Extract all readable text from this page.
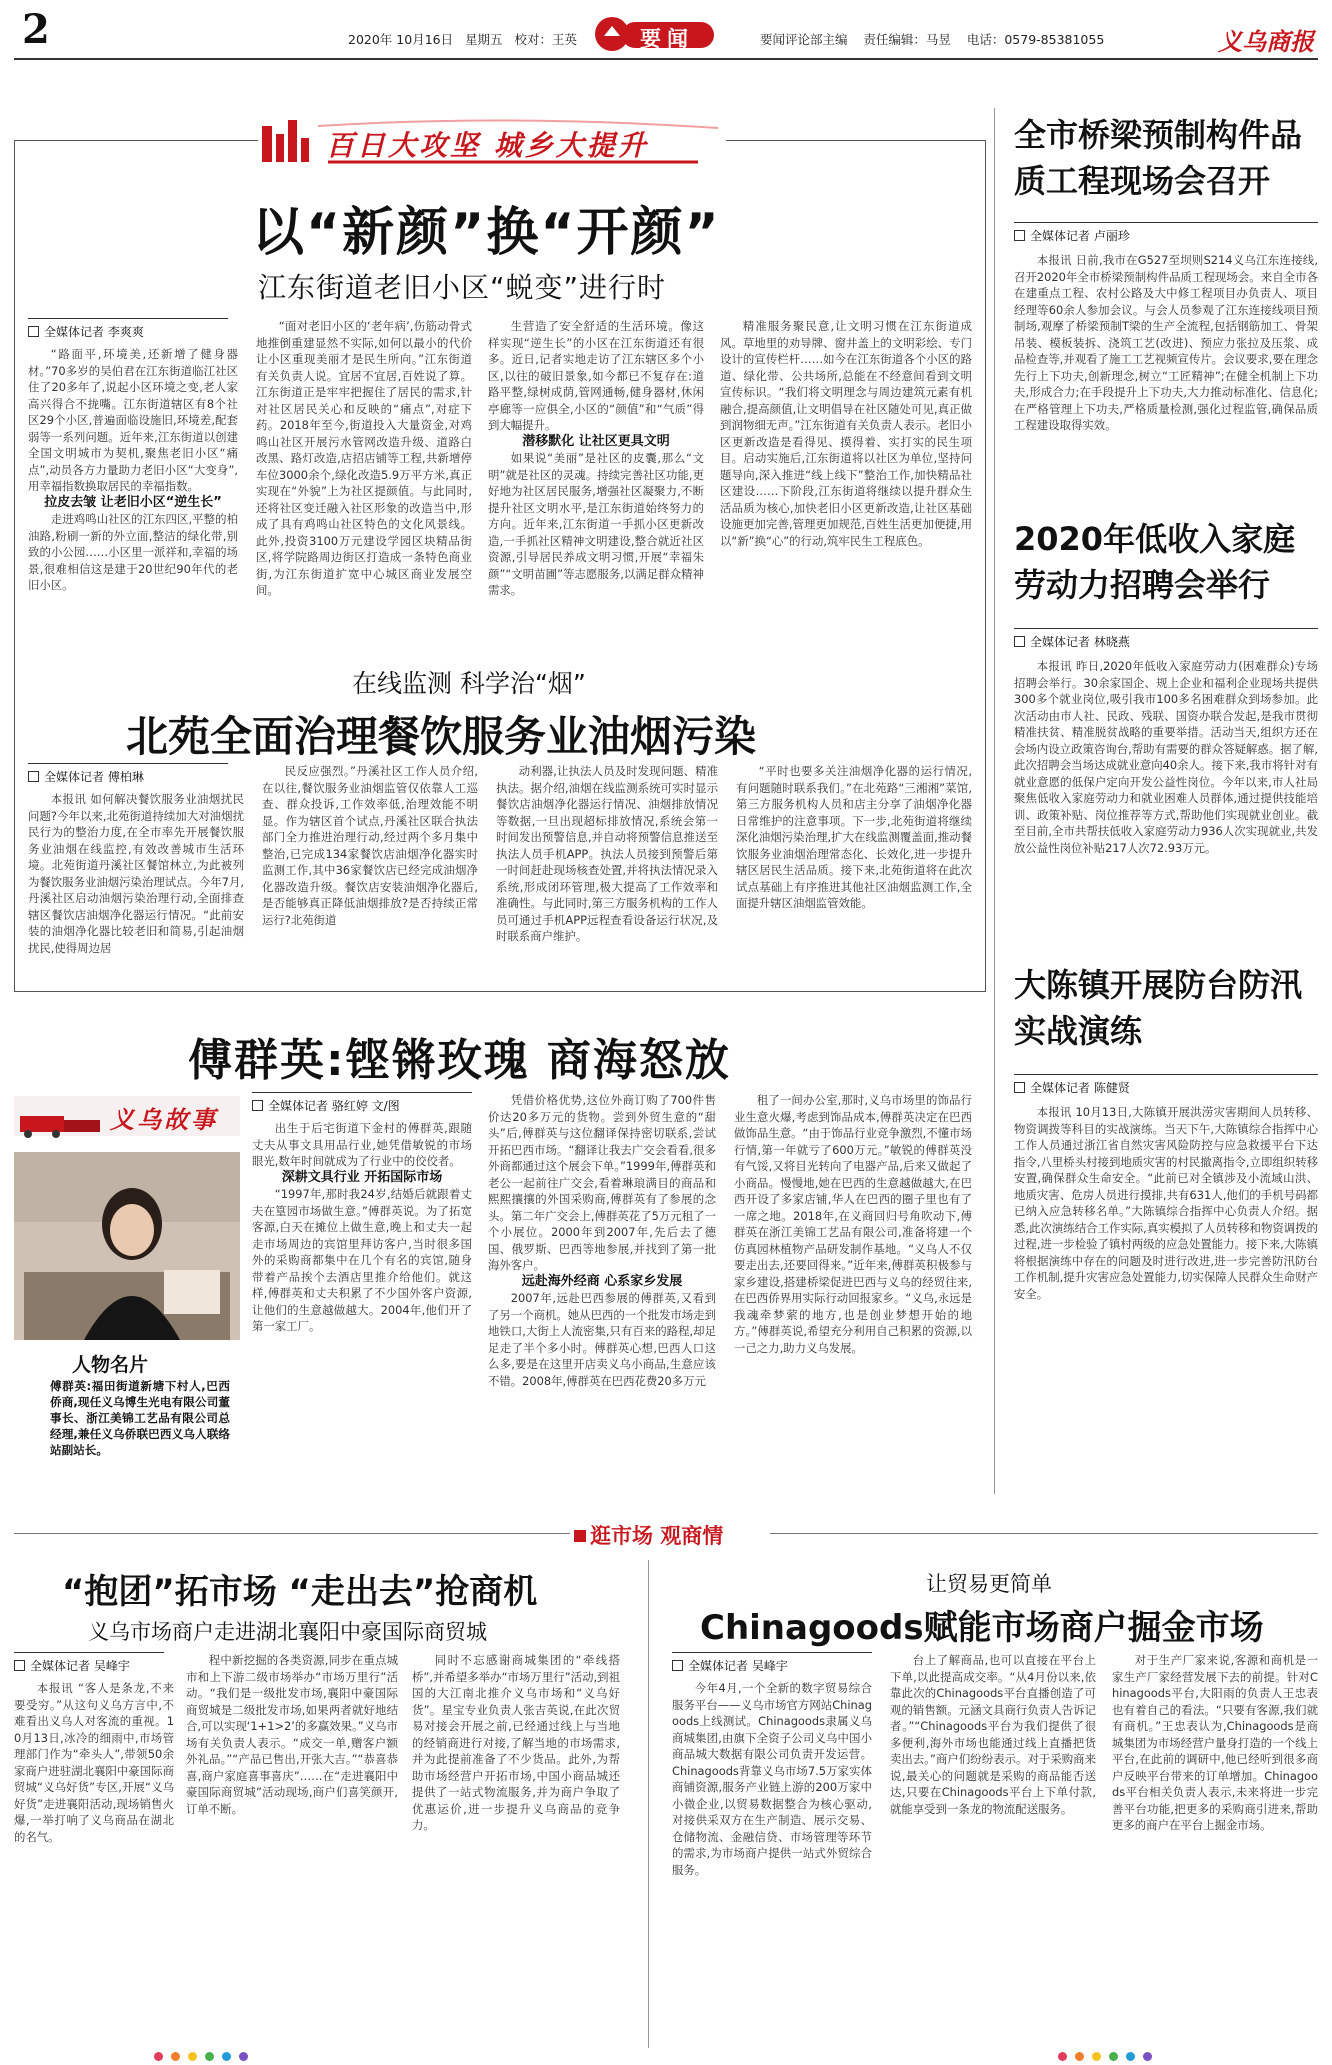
2	2020年 10月16日 星期五 校对：王英	要闻	要闻评论部主编 责任编辑：马昱 电话：0579-85381055	义乌商报
百日大攻坚 城乡大提升
以“新颜”换“开颜”
江东街道老旧小区“蜕变”进行时
全媒体记者 李爽爽

“路面平,环境美,还新增了健身器材。”70多岁的吴伯君在江东街道临江社区住了20多年了,说起小区环境之变,老人家高兴得合不拢嘴。江东街道辖区有8个社区29个小区,普遍面临设施旧,环境差,配套弱等一系列问题。近年来,江东街道以创建全国文明城市为契机,聚焦老旧小区“痛点”,动员各方力量助力老旧小区“大变身”,用幸福指数换取居民的幸福指数。

拉皮去皱 让老旧小区“逆生长”

走进鸡鸣山社区的江东四区,平整的柏油路,粉刷一新的外立面,整洁的绿化带,别致的小公园……小区里一派祥和,幸福的场景,很难相信这是建于20世纪90年代的老旧小区。

“面对老旧小区的‘老年病’,伤筋动骨式地推倒重建显然不实际,如何以最小的代价让小区重现美丽才是民生所向。”江东街道有关负责人说。宜居不宜居,百姓说了算。江东街道正是牢牢把握住了居民的需求,针对社区居民关心和反映的“痛点”,对症下药。2018年至今,街道投入大量资金,对鸡鸣山社区开展污水管网改造升级、道路白改黑、路灯改造,店招店铺等工程,共新增停车位3000余个,绿化改造5.9万平方米,真正实现在“外貌”上为社区提颜值。与此同时,还将社区变迁融入社区形象的改造当中,形成了具有鸡鸣山社区特色的文化风景线。此外,投资3100万元建设学园区块精品街区,将学院路周边街区打造成一条特色商业街,为江东街道扩宽中心城区商业发展空间。

生营造了安全舒适的生活环境。像这样实现“逆生长”的小区在江东街道还有很多。近日,记者实地走访了江东辖区多个小区,以往的破旧景象,如今都已不复存在:道路平整,绿树成荫,管网通畅,健身器材,休闲亭廊等一应俱全,小区的“颜值”和“气质”得到大幅提升。

潜移默化 让社区更具文明

如果说“美丽”是社区的皮囊,那么“文明”就是社区的灵魂。持续完善社区功能,更好地为社区居民服务,增强社区凝聚力,不断提升社区文明水平,是江东街道始终努力的方向。近年来,江东街道一手抓小区更新改造,一手抓社区精神文明建设,整合就近社区资源,引导居民养成文明习惯,开展“幸福朱颜”“文明苗圃”等志愿服务,以满足群众精神需求。

精准服务聚民意,让文明习惯在江东街道成风。草地里的劝导牌、窗井盖上的文明彩绘、专门设计的宣传栏杆……如今在江东街道各个小区的路道、绿化带、公共场所,总能在不经意间看到文明宣传标识。“我们将文明理念与周边建筑元素有机融合,提高颜值,让文明倡导在社区随处可见,真正做到润物细无声。”江东街道有关负责人表示。老旧小区更新改造是看得见、摸得着、实打实的民生项目。启动实施后,江东街道将以社区为单位,坚持问题导向,深入推进“线上线下”整治工作,加快精品社区建设……下阶段,江东街道将继续以提升群众生活品质为核心,加快老旧小区更新改造,让社区基础设施更加完善,管理更加规范,百姓生活更加便捷,用以“新”换“心”的行动,筑牢民生工程底色。

在线监测 科学治“烟”
北苑全面治理餐饮服务业油烟污染
全媒体记者 傅柏琳

本报讯 如何解决餐饮服务业油烟扰民问题?今年以来,北苑街道持续加大对油烟扰民行为的整治力度,在全市率先开展餐饮服务业油烟在线监控,有效改善城市生活环境。北苑街道丹溪社区餐馆林立,为此被列为餐饮服务业油烟污染治理试点。今年7月,丹溪社区启动油烟污染治理行动,全面排查辖区餐饮店油烟净化器运行情况。“此前安装的油烟净化器比较老旧和简易,引起油烟扰民,使得周边居

民反应强烈。”丹溪社区工作人员介绍,在以往,餐饮服务业油烟监管仅依靠人工巡查、群众投诉,工作效率低,治理效能不明显。作为辖区首个试点,丹溪社区联合执法部门全力推进治理行动,经过两个多月集中整治,已完成134家餐饮店油烟净化器实时监测工作,其中36家餐饮店已经完成油烟净化器改造升级。餐饮店安装油烟净化器后,是否能够真正降低油烟排放?是否持续正常运行?北苑街道

动利器,让执法人员及时发现问题、精准执法。据介绍,油烟在线监测系统可实时显示餐饮店油烟净化器运行情况、油烟排放情况等数据,一旦出现超标排放情况,系统会第一时间发出预警信息,并自动将预警信息推送至执法人员手机APP。执法人员接到预警后第一时间赶赴现场核查处置,并将执法情况录入系统,形成闭环管理,极大提高了工作效率和准确性。与此同时,第三方服务机构的工作人员可通过手机APP远程查看设备运行状况,及时联系商户维护。

“平时也要多关注油烟净化器的运行情况,有问题随时联系我们。”在北苑路“三湘湘”菜馆,第三方服务机构人员和店主分享了油烟净化器日常维护的注意事项。下一步,北苑街道将继续深化油烟污染治理,扩大在线监测覆盖面,推动餐饮服务业油烟治理常态化、长效化,进一步提升辖区居民生活品质。接下来,北苑街道将在此次试点基础上有序推进其他社区油烟监测工作,全面提升辖区油烟监管效能。

傅群英:铿锵玫瑰 商海怒放
义乌故事
人物名片
傅群英:福田街道新塘下村人,巴西侨商,现任义乌博生光电有限公司董事长、浙江美锦工艺品有限公司总经理,兼任义乌侨联巴西义乌人联络站副站长。
全媒体记者 骆红婷 文/图

出生于后宅街道下金村的傅群英,跟随丈夫从事文具用品行业,她凭借敏锐的市场眼光,数年时间就成为了行业中的佼佼者。

深耕文具行业 开拓国际市场

“1997年,那时我24岁,结婚后就跟着丈夫在篁园市场做生意。”傅群英说。为了拓宽客源,白天在摊位上做生意,晚上和丈夫一起走市场周边的宾馆里拜访客户,当时很多国外的采购商都集中在几个有名的宾馆,随身带着产品挨个去酒店里推介给他们。就这样,傅群英和丈夫积累了不少国外客户资源,让他们的生意越做越大。2004年,他们开了第一家工厂。

凭借价格优势,这位外商订购了700件售价达20多万元的货物。尝到外贸生意的“甜头”后,傅群英与这位翻译保持密切联系,尝试开拓巴西市场。“翻译让我去广交会看看,很多外商都通过这个展会下单。”1999年,傅群英和老公一起前往广交会,看着琳琅满目的商品和熙熙攘攘的外国采购商,傅群英有了参展的念头。第二年广交会上,傅群英花了5万元租了一个小展位。2000年到2007年,先后去了德国、俄罗斯、巴西等地参展,并找到了第一批海外客户。

远赴海外经商 心系家乡发展

2007年,远赴巴西参展的傅群英,又看到了另一个商机。她从巴西的一个批发市场走到地铁口,大街上人流密集,只有百来的路程,却足足走了半个多小时。傅群英心想,巴西人口这么多,要是在这里开店卖义乌小商品,生意应该不错。2008年,傅群英在巴西花费20多万元

租了一间办公室,那时,义乌市场里的饰品行业生意火爆,考虑到饰品成本,傅群英决定在巴西做饰品生意。“由于饰品行业竞争激烈,不懂市场行情,第一年就亏了600万元。”敏锐的傅群英没有气馁,又将目光转向了电器产品,后来又做起了小商品。慢慢地,她在巴西的生意越做越大,在巴西开设了多家店铺,华人在巴西的圈子里也有了一席之地。2018年,在义商回归号角吹动下,傅群英在浙江美锦工艺品有限公司,准备将建一个仿真园林植物产品研发制作基地。“义乌人不仅要走出去,还要回得来。”近年来,傅群英积极参与家乡建设,搭建桥梁促进巴西与义乌的经贸往来,在巴西侨界用实际行动回报家乡。“义乌,永远是我魂牵梦萦的地方,也是创业梦想开始的地方。”傅群英说,希望充分利用自己积累的资源,以一己之力,助力义乌发展。

全市桥梁预制构件品质工程现场会召开
全媒体记者 卢丽珍

本报讯 日前,我市在G527至坝则S214义乌江东连接线,召开2020年全市桥梁预制构件品质工程现场会。来自全市各在建重点工程、农村公路及大中修工程项目办负责人、项目经理等60余人参加会议。与会人员参观了江东连接线项目预制场,观摩了桥梁预制T梁的生产全流程,包括钢筋加工、骨架吊装、模板装拆、浇筑工艺(改进)、预应力张拉及压浆、成品检查等,并观看了施工工艺视频宣传片。会议要求,要在理念先行上下功夫,创新理念,树立“工匠精神”;在健全机制上下功夫,形成合力;在手段提升上下功夫,大力推动标准化、信息化;在严格管理上下功夫,严格质量检测,强化过程监管,确保品质工程建设取得实效。

2020年低收入家庭劳动力招聘会举行
全媒体记者 林晓燕

本报讯 昨日,2020年低收入家庭劳动力(困难群众)专场招聘会举行。30余家国企、规上企业和福利企业现场共提供300多个就业岗位,吸引我市100多名困难群众到场参加。此次活动由市人社、民政、残联、国资办联合发起,是我市贯彻精准扶贫、精准脱贫战略的重要举措。活动当天,组织方还在会场内设立政策咨询台,帮助有需要的群众答疑解惑。据了解,此次招聘会当场达成就业意向40余人。接下来,我市将针对有就业意愿的低保户定向开发公益性岗位。今年以来,市人社局聚焦低收入家庭劳动力和就业困难人员群体,通过提供技能培训、政策补贴、岗位推荐等方式,帮助他们实现就业创业。截至目前,全市共帮扶低收入家庭劳动力936人次实现就业,共发放公益性岗位补贴217人次72.93万元。

大陈镇开展防台防汛实战演练
全媒体记者 陈健贤

本报讯 10月13日,大陈镇开展洪涝灾害期间人员转移、物资调拨等科目的实战演练。当天下午,大陈镇综合指挥中心工作人员通过浙江省自然灾害风险防控与应急救援平台下达指令,八里桥头村接到地质灾害的村民撤离指令,立即组织转移安置,确保群众生命安全。“此前已对全镇涉及小流域山洪、地质灾害、危房人员进行摸排,共有631人,他们的手机号码都已纳入应急转移名单。”大陈镇综合指挥中心负责人介绍。据悉,此次演练结合工作实际,真实模拟了人员转移和物资调拨的过程,进一步检验了镇村两级的应急处置能力。接下来,大陈镇将根据演练中存在的问题及时进行改进,进一步完善防汛防台工作机制,提升灾害应急处置能力,切实保障人民群众生命财产安全。

逛市场 观商情
“抱团”拓市场 “走出去”抢商机
义乌市场商户走进湖北襄阳中豪国际商贸城
全媒体记者 吴峰宇

本报讯 “客人是条龙,不来要受穷。”从这句义乌方言中,不难看出义乌人对客流的重视。10月13日,冰冷的细雨中,市场管理部门作为“牵头人”,带领50余家商户进驻湖北襄阳中豪国际商贸城“义乌好货”专区,开展“义乌好货”走进襄阳活动,现场销售火爆,一举打响了义乌商品在湖北的名气。

程中新挖掘的各类资源,同步在重点城市和上下游二级市场举办“市场万里行”活动。“我们是一级批发市场,襄阳中豪国际商贸城是二级批发市场,如果两者就好地结合,可以实现‘1+1>2’的多赢效果。”义乌市场有关负责人表示。“成交一单,赠客户额外礼品。”“产品已售出,开张大吉。”“恭喜恭喜,商户家庭喜事喜庆”……在“走进襄阳中豪国际商贸城”活动现场,商户们喜笑颜开,订单不断。

同时不忘感谢商城集团的“牵线搭桥”,并希望多举办“市场万里行”活动,到祖国的大江南北推介义乌市场和“义乌好货”。星宝专业负责人张吉英说,在此次贸易对接会开展之前,已经通过线上与当地的经销商进行对接,了解当地的市场需求,并为此提前准备了不少货品。此外,为帮助市场经营户开拓市场,中国小商品城还提供了一站式物流服务,并为商户争取了优惠运价,进一步提升义乌商品的竞争力。

让贸易更简单
Chinagoods赋能市场商户掘金市场
全媒体记者 吴峰宇

今年4月,一个全新的数字贸易综合服务平台——义乌市场官方网站Chinagoods上线测试。Chinagoods隶属义乌商城集团,由旗下全资子公司义乌中国小商品城大数据有限公司负责开发运营。Chinagoods背靠义乌市场7.5万家实体商铺资源,服务产业链上游的200万家中小微企业,以贸易数据整合为核心驱动,对接供采双方在生产制造、展示交易、仓储物流、金融信贷、市场管理等环节的需求,为市场商户提供一站式外贸综合服务。

台上了解商品,也可以直接在平台上下单,以此提高成交率。“从4月份以来,依靠此次的Chinagoods平台直播创造了可观的销售额。元涵文具商行负责人告诉记者。”“Chinagoods平台为我们提供了很多便利,海外市场也能通过线上直播把货卖出去。”商户们纷纷表示。对于采购商来说,最关心的问题就是采购的商品能否送达,只要在Chinagoods平台上下单付款,就能享受到一条龙的物流配送服务。

对于生产厂家来说,客源和商机是一家生产厂家经营发展下去的前提。针对Chinagoods平台,大阳雨的负责人王忠表也有着自己的看法。“只要有客源,我们就有商机。”王忠表认为,Chinagoods是商城集团为市场经营户量身打造的一个线上平台,在此前的调研中,他已经听到很多商户反映平台带来的订单增加。Chinagoods平台相关负责人表示,未来将进一步完善平台功能,把更多的采购商引进来,帮助更多的商户在平台上掘金市场。
